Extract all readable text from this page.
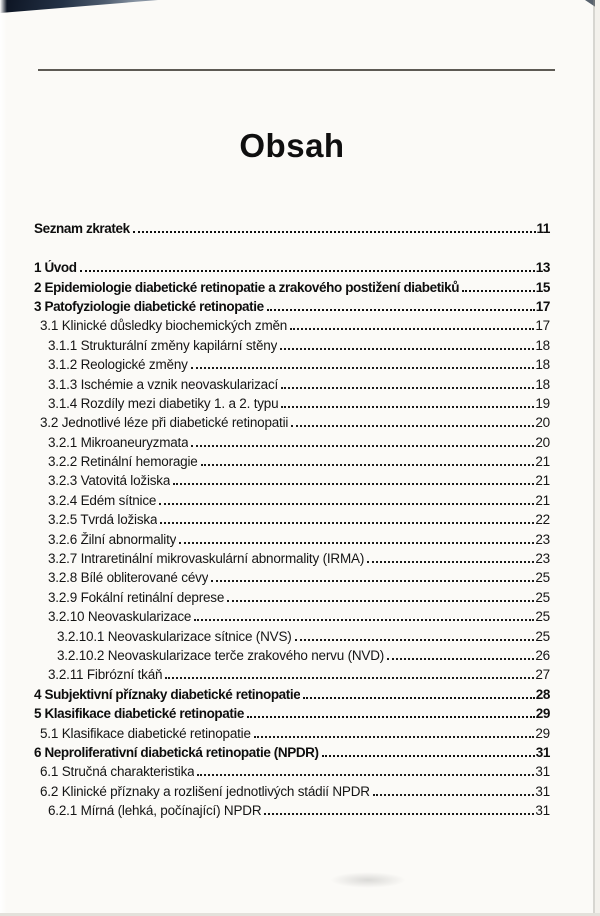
Obsah
Seznam zkratek	11
1 Úvod	13
2 Epidemiologie diabetické retinopatie a zrakového postižení diabetiků	15
3 Patofyziologie diabetické retinopatie	17
3.1 Klinické důsledky biochemických změn	17
3.1.1 Strukturální změny kapilární stěny	18
3.1.2 Reologické změny	18
3.1.3 Ischémie a vznik neovaskularizací	18
3.1.4 Rozdíly mezi diabetiky 1. a 2. typu	19
3.2 Jednotlivé léze při diabetické retinopatii	20
3.2.1 Mikroaneuryzmata	20
3.2.2 Retinální hemoragie	21
3.2.3 Vatovitá ložiska	21
3.2.4 Edém sítnice	21
3.2.5 Tvrdá ložiska	22
3.2.6 Žilní abnormality	23
3.2.7 Intraretinální mikrovaskulární abnormality (IRMA)	23
3.2.8 Bílé obliterované cévy	25
3.2.9 Fokální retinální deprese	25
3.2.10 Neovaskularizace	25
3.2.10.1 Neovaskularizace sítnice (NVS)	25
3.2.10.2 Neovaskularizace terče zrakového nervu (NVD)	26
3.2.11 Fibrózní tkáň	27
4 Subjektivní příznaky diabetické retinopatie	28
5 Klasifikace diabetické retinopatie	29
5.1 Klasifikace diabetické retinopatie	29
6 Neproliferativní diabetická retinopatie (NPDR)	31
6.1 Stručná charakteristika	31
6.2 Klinické příznaky a rozlišení jednotlivých stádií NPDR	31
6.2.1 Mírná (lehká, počínající) NPDR	31
